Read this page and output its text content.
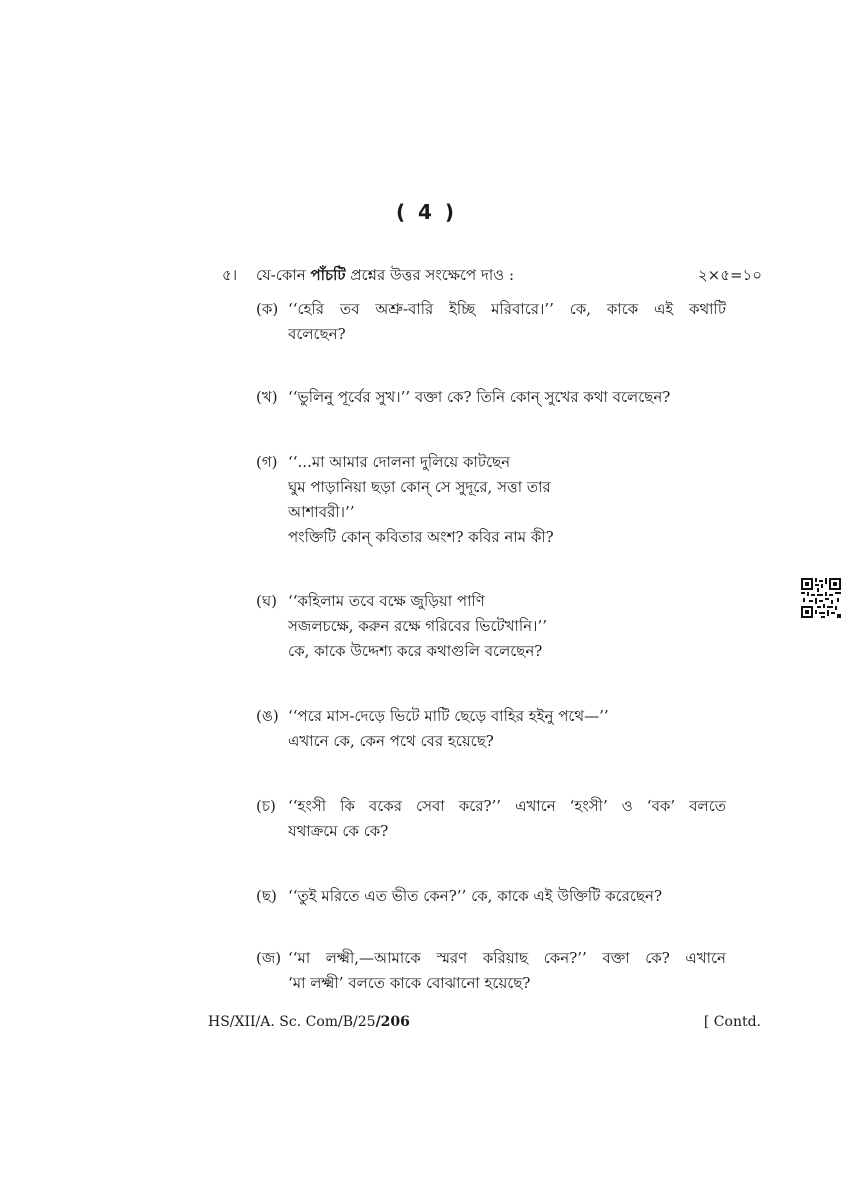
( 4 )
৫। যে-কোন পাঁচটি প্রশ্নের উত্তর সংক্ষেপে দাও :	২×৫=১০
(ক) ‘‘হেরি তব অশ্রু-বারি ইচ্ছি মরিবারে।’’ কে, কাকে এই কথাটি
বলেছেন?
(খ) ‘‘ভুলিনু পূর্বের সুখ।’’ বক্তা কে? তিনি কোন্ সুখের কথা বলেছেন?
(গ) ‘‘...মা আমার দোলনা দুলিয়ে কাটছেন
ঘুম পাড়ানিয়া ছড়া কোন্ সে সুদূরে, সত্তা তার
আশাবরী।’’
পংক্তিটি কোন্ কবিতার অংশ? কবির নাম কী?
(ঘ) ‘‘কহিলাম তবে বক্ষে জুড়িয়া পাণি
সজলচক্ষে, করুন রক্ষে গরিবের ভিটেখানি।’’
কে, কাকে উদ্দেশ্য করে কথাগুলি বলেছেন?
(ঙ) ‘‘পরে মাস-দেড়ে ভিটে মাটি ছেড়ে বাহির হইনু পথে—’’
এখানে কে, কেন পথে বের হয়েছে?
(চ) ‘‘হংসী কি বকের সেবা করে?’’ এখানে ‘হংসী’ ও ‘বক’ বলতে
যথাক্রমে কে কে?
(ছ) ‘‘তুই মরিতে এত ভীত কেন?’’ কে, কাকে এই উক্তিটি করেছেন?
(জ) ‘‘মা লক্ষ্মী,—আমাকে স্মরণ করিয়াছ কেন?’’ বক্তা কে? এখানে
‘মা লক্ষ্মী’ বলতে কাকে বোঝানো হয়েছে?
HS/XII/A. Sc. Com/B/25/206	[ Contd.
